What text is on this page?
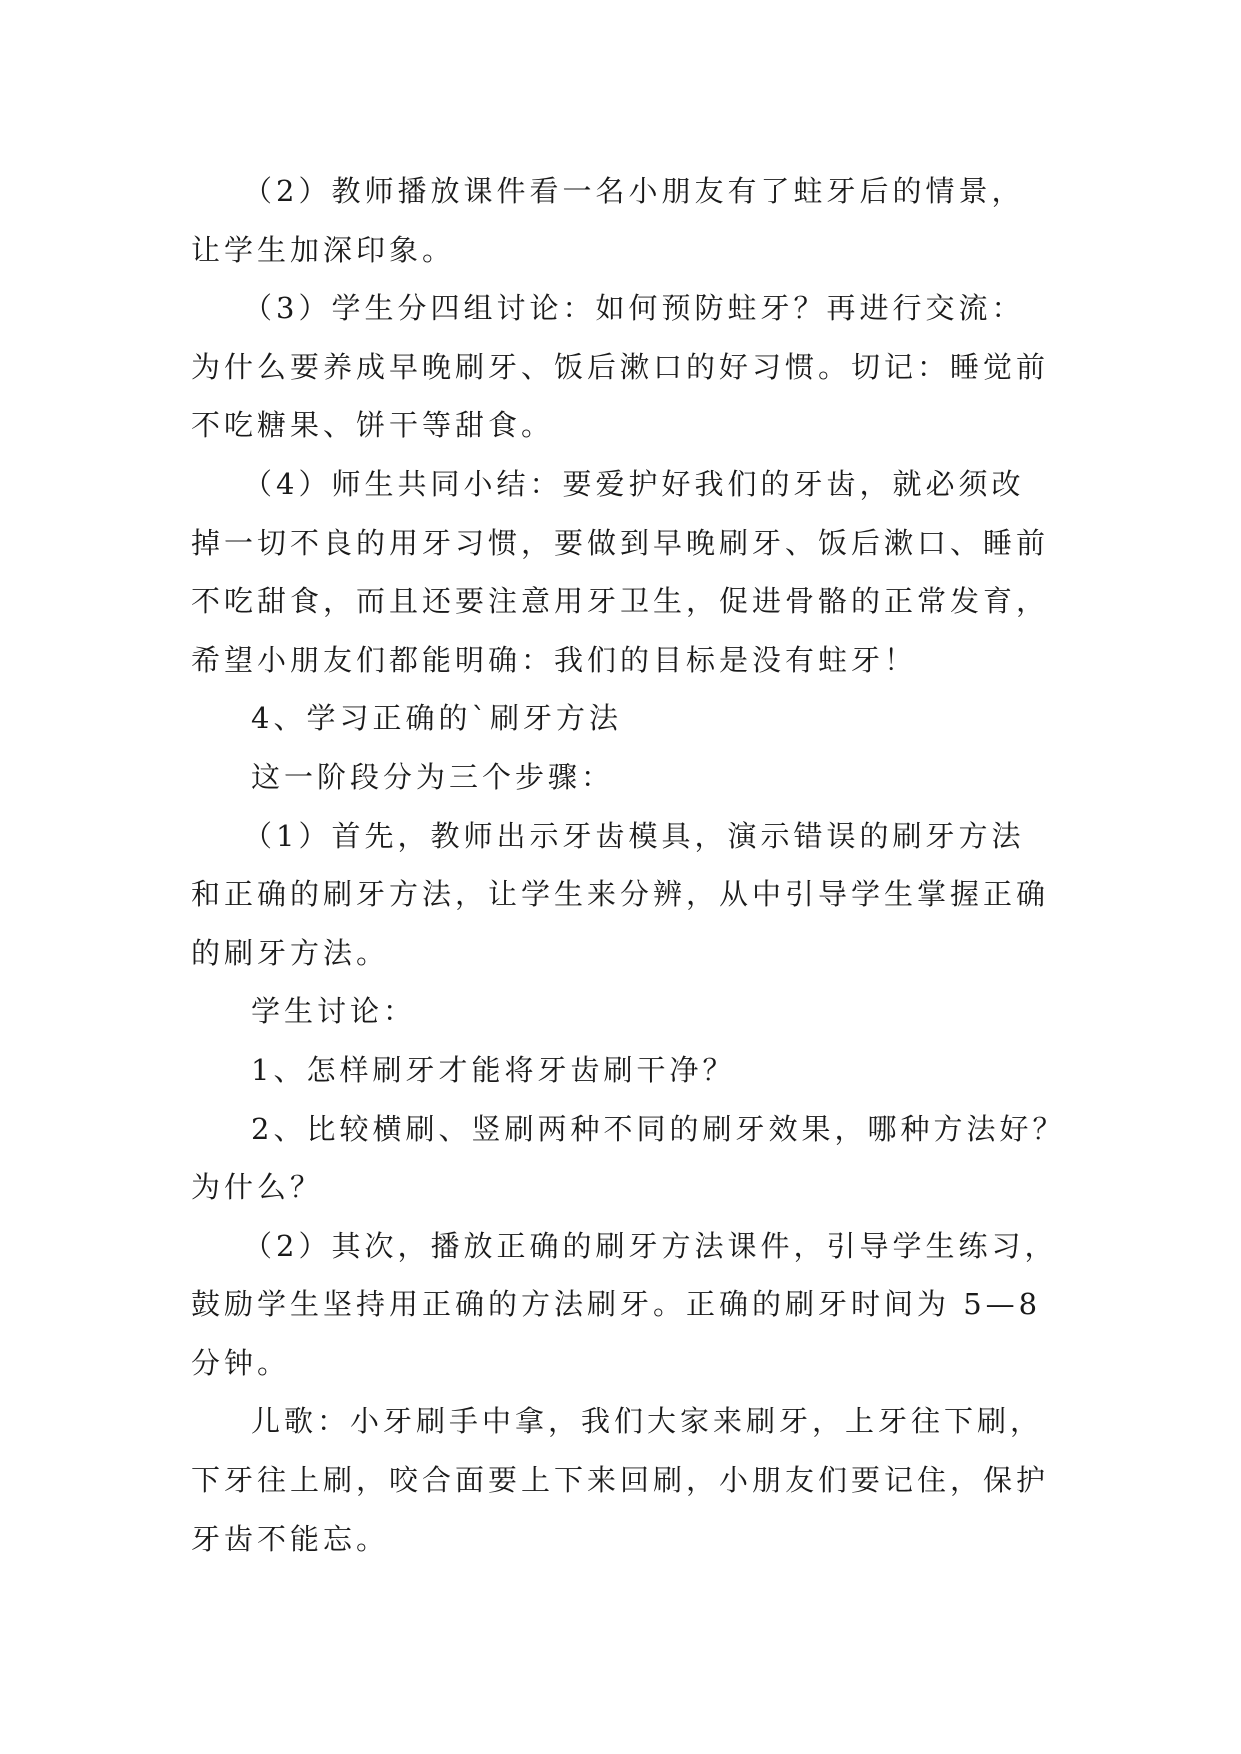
（2）教师播放课件看一名小朋友有了蛀牙后的情景，
让学生加深印象。

（3）学生分四组讨论：如何预防蛀牙？再进行交流：
为什么要养成早晚刷牙、饭后漱口的好习惯。切记：睡觉前
不吃糖果、饼干等甜食。

（4）师生共同小结：要爱护好我们的牙齿，就必须改
掉一切不良的用牙习惯，要做到早晚刷牙、饭后漱口、睡前
不吃甜食，而且还要注意用牙卫生，促进骨骼的正常发育，
希望小朋友们都能明确：我们的目标是没有蛀牙！

4、学习正确的`刷牙方法

这一阶段分为三个步骤：

（1）首先，教师出示牙齿模具，演示错误的刷牙方法
和正确的刷牙方法，让学生来分辨，从中引导学生掌握正确
的刷牙方法。

学生讨论：

1、怎样刷牙才能将牙齿刷干净？

2、比较横刷、竖刷两种不同的刷牙效果，哪种方法好？
为什么？

（2）其次，播放正确的刷牙方法课件，引导学生练习，
鼓励学生坚持用正确的方法刷牙。正确的刷牙时间为 5—8
分钟。

儿歌：小牙刷手中拿，我们大家来刷牙，上牙往下刷，
下牙往上刷，咬合面要上下来回刷，小朋友们要记住，保护
牙齿不能忘。
